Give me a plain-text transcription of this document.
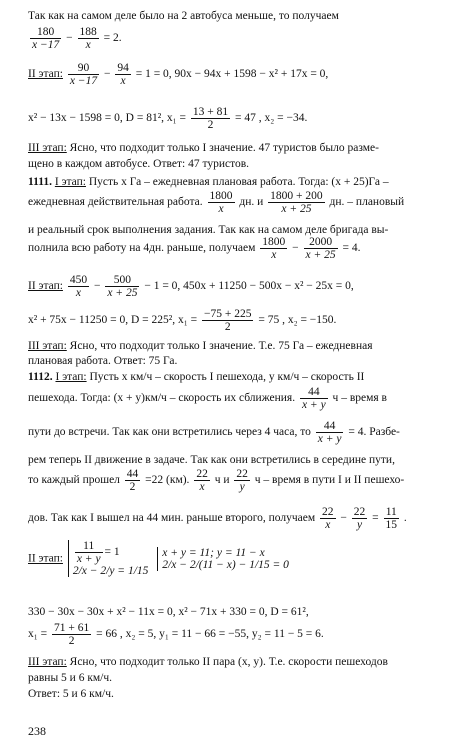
Так как на самом деле было на 2 автобуса меньше, то получаем
$\frac{180}{x -17} - \frac{188}{x} = 2$.
II этап: $\frac{90}{x -17} - \frac{94}{x} = 1 = 0$, 90x − 94x + 1598 − x² + 17x = 0,
x² − 13x − 1598 = 0, D = 81², $x_1 = \frac{13 + 81}{2} = 47$ , x₂ = −34.
III этап: Ясно, что подходит только I значение. 47 туристов было разме-
щено в каждом автобусе. Ответ: 47 туристов.
1111. I этап: Пусть x Га – ежедневная плановая работа. Тогда: (x + 25)Га –
ежедневная действительная работа. $\frac{1800}{x}$ дн. и $\frac{1800 + 200}{x + 25}$ дн. – плановый
и реальный срок выполнения задания. Так как на самом деле бригада вы-
полнила всю работу на 4дн. раньше, получаем $\frac{1800}{x} - \frac{2000}{x + 25} = 4$.
II этап: $\frac{450}{x} - \frac{500}{x + 25} - 1 = 0$, 450x + 11250 − 500x − x² − 25x = 0,
x² + 75x − 11250 = 0, D = 225², $x_1 = \frac{-75 + 225}{2} = 75$ , x₂ = −150.
III этап: Ясно, что подходит только I значение. Т.е. 75 Га – ежедневная
плановая работа. Ответ: 75 Га.
1112. I этап: Пусть x км/ч – скорость I пешехода, y км/ч – скорость II
пешехода. Тогда: (x + y)км/ч – скорость их сближения. $\frac{44}{x + y}$ ч – время в
пути до встречи. Так как они встретились через 4 часа, то $\frac{44}{x + y} = 4$. Разбе-
рем теперь II движение в задаче. Так как они встретились в середине пути,
то каждый прошел $\frac{44}{2} =22$ (км). $\frac{22}{x}$ ч и $\frac{22}{y}$ ч – время в пути I и II пешехо-
дов. Так как I вышел на 44 мин. раньше второго, получаем $\frac{22}{x} - \frac{22}{y} = \frac{11}{15}$ .
II этап: $\frac{11}{x + y} = 1$
2/x − 2/y = 1/15

x + y = 11; y = 11 − x
2/x − 2/(11 − x) − 1/15 = 0
330 − 30x − 30x + x² − 11x = 0, x² − 71x + 330 = 0, D = 61²,
$x_1 = \frac{71 + 61}{2} = 66$ , x₂ = 5, y₁ = 11 − 66 = −55, y₂ = 11 − 5 = 6.
III этап: Ясно, что подходит только II пара (x, y). Т.е. скорости пешеходов
равны 5 и 6 км/ч.
Ответ: 5 и 6 км/ч.
238
